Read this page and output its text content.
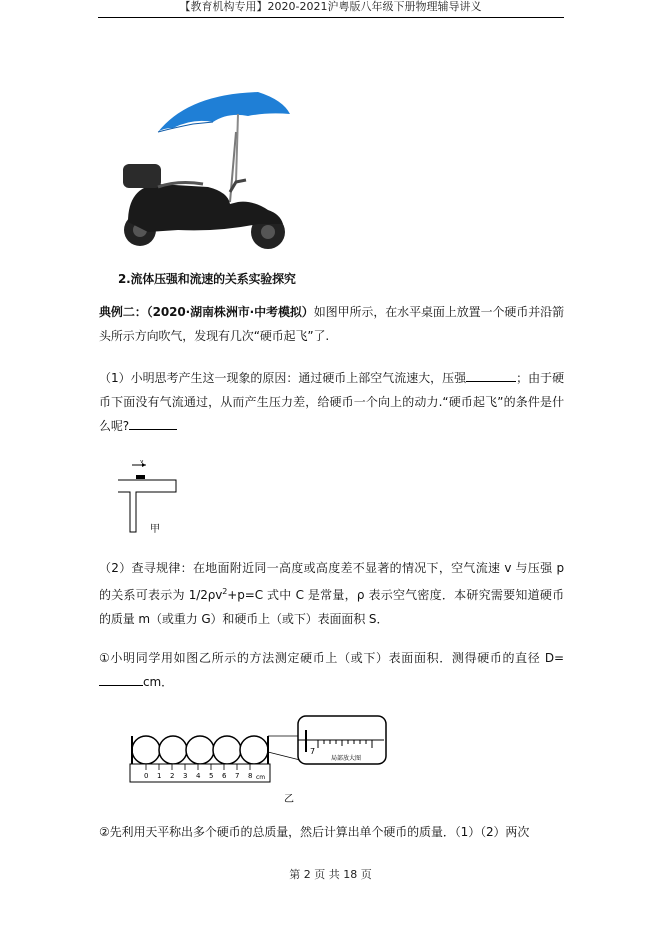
【教育机构专用】2020-2021沪粤版八年级下册物理辅导讲义
2.流体压强和流速的关系实验探究
典例二：（2020·湖南株洲市·中考模拟）如图甲所示，在水平桌面上放置一个硬币并沿箭头所示方向吹气，发现有几次“硬币起飞”了.
（1）小明思考产生这一现象的原因：通过硬币上部空气流速大，压强	；由于硬币下面没有气流通过，从而产生压力差，给硬币一个向上的动力.“硬币起飞”的条件是什么呢?
v
甲
（2）查寻规律：在地面附近同一高度或高度差不显著的情况下，空气流速 v 与压强 p 的关系可表示为 $1/2\rho v^2+p=C$ 式中 C 是常量，ρ 表示空气密度．本研究需要知道硬币的质量 m（或重力 G）和硬币上（或下）表面面积 S．
①小明同学用如图乙所示的方法测定硬币上（或下）表面面积．测得硬币的直径 D=cm．
0 1 2 3 4 5 6 7 8 cm
7
局部放大图
乙
②先利用天平称出多个硬币的总质量，然后计算出单个硬币的质量．（1）（2）两次
第 2 页 共 18 页
